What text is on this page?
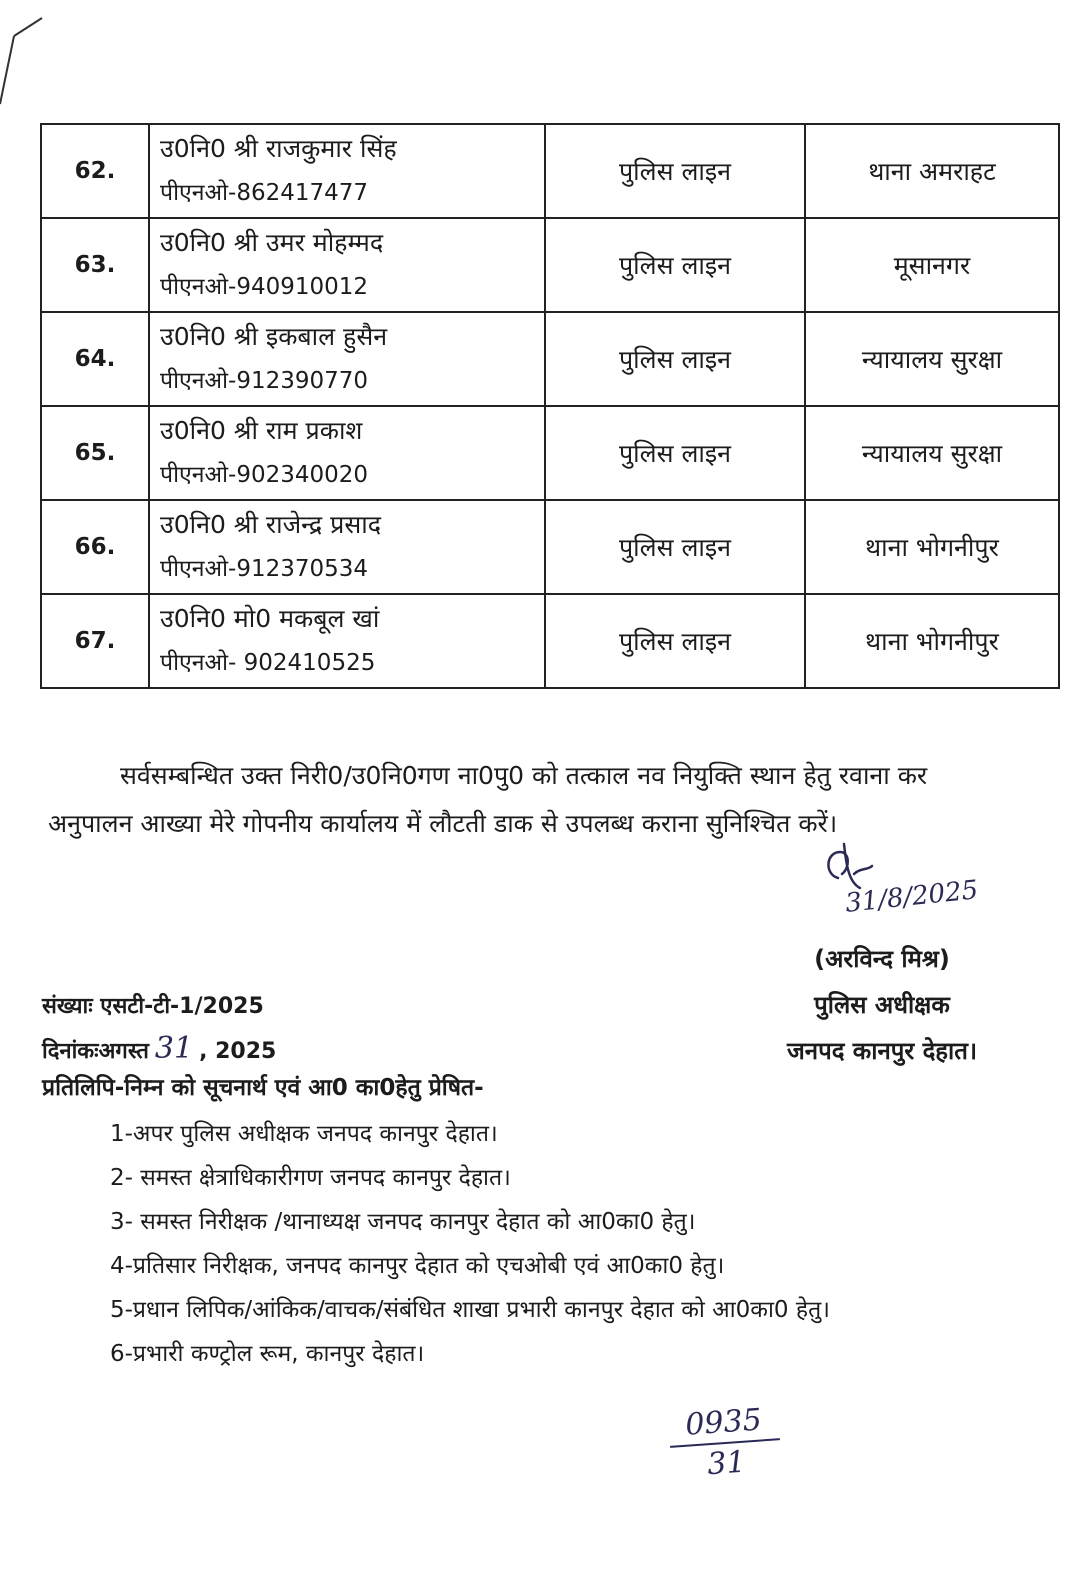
62.	उ0नि0 श्री राजकुमार सिंह
पीएनओ-862417477	पुलिस लाइन	थाना अमराहट
63.	उ0नि0 श्री उमर मोहम्मद
पीएनओ-940910012	पुलिस लाइन	मूसानगर
64.	उ0नि0 श्री इकबाल हुसैन
पीएनओ-912390770	पुलिस लाइन	न्यायालय सुरक्षा
65.	उ0नि0 श्री राम प्रकाश
पीएनओ-902340020	पुलिस लाइन	न्यायालय सुरक्षा
66.	उ0नि0 श्री राजेन्द्र प्रसाद
पीएनओ-912370534	पुलिस लाइन	थाना भोगनीपुर
67.	उ0नि0 मो0 मकबूल खां
पीएनओ- 902410525	पुलिस लाइन	थाना भोगनीपुर

सर्वसम्बन्धित उक्त निरी0/उ0नि0गण ना0पु0 को तत्काल नव नियुक्ति स्थान हेतु रवाना कर

अनुपालन आख्या मेरे गोपनीय कार्यालय में लौटती डाक से उपलब्ध कराना सुनिश्चित करें।

31/8/2025
(अरविन्द मिश्र)
पुलिस अधीक्षक
जनपद कानपुर देहात।
संख्याः एसटी-टी-1/2025
दिनांकःअगस्त 31 , 2025
प्रतिलिपि-निम्न को सूचनार्थ एवं आ0 का0हेतु प्रेषित-
1-अपर पुलिस अधीक्षक जनपद कानपुर देहात।
2- समस्त क्षेत्राधिकारीगण जनपद कानपुर देहात।
3- समस्त निरीक्षक /थानाध्यक्ष जनपद कानपुर देहात को आ0का0 हेतु।
4-प्रतिसार निरीक्षक, जनपद कानपुर देहात को एचओबी एवं आ0का0 हेतु।
5-प्रधान लिपिक/आंकिक/वाचक/संबंधित शाखा प्रभारी कानपुर देहात को आ0का0 हेतु।
6-प्रभारी कण्ट्रोल रूम, कानपुर देहात।
0935
31
